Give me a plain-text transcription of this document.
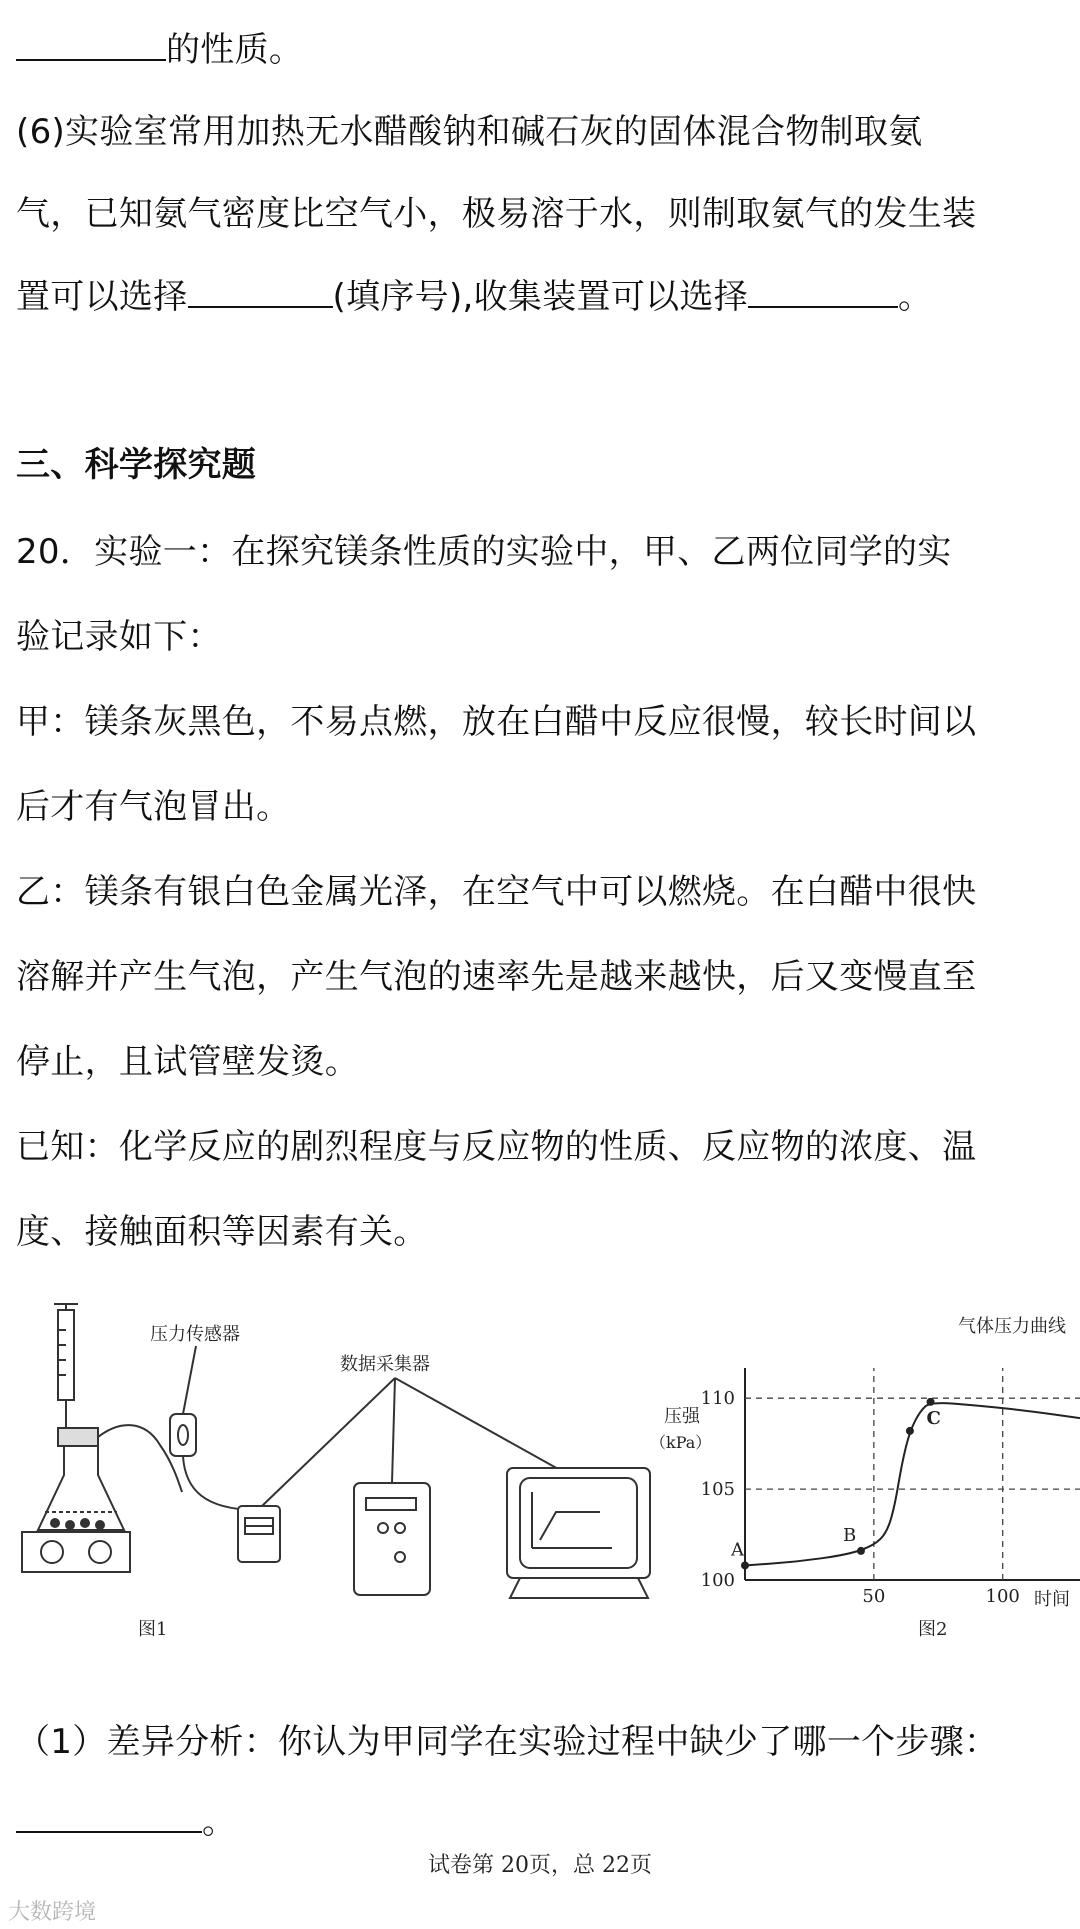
的性质。
(6)实验室常用加热无水醋酸钠和碱石灰的固体混合物制取氨
气，已知氨气密度比空气小，极易溶于水，则制取氨气的发生装
置可以选择	(填序号),收集装置可以选择	。
三、科学探究题
20．实验一：在探究镁条性质的实验中，甲、乙两位同学的实
验记录如下：
甲：镁条灰黑色，不易点燃，放在白醋中反应很慢，较长时间以
后才有气泡冒出。
乙：镁条有银白色金属光泽，在空气中可以燃烧。在白醋中很快
溶解并产生气泡，产生气泡的速率先是越来越快，后又变慢直至
停止，且试管壁发烫。
已知：化学反应的剧烈程度与反应物的性质、反应物的浓度、温
度、接触面积等因素有关。
压力传感器
数据采集器
图1
100
105
110
50	100
A
B
C
气体压力曲线
压强
（kPa）
时间
图2
（1）差异分析：你认为甲同学在实验过程中缺少了哪一个步骤：
。
试卷第 20页，总 22页
大数跨境
